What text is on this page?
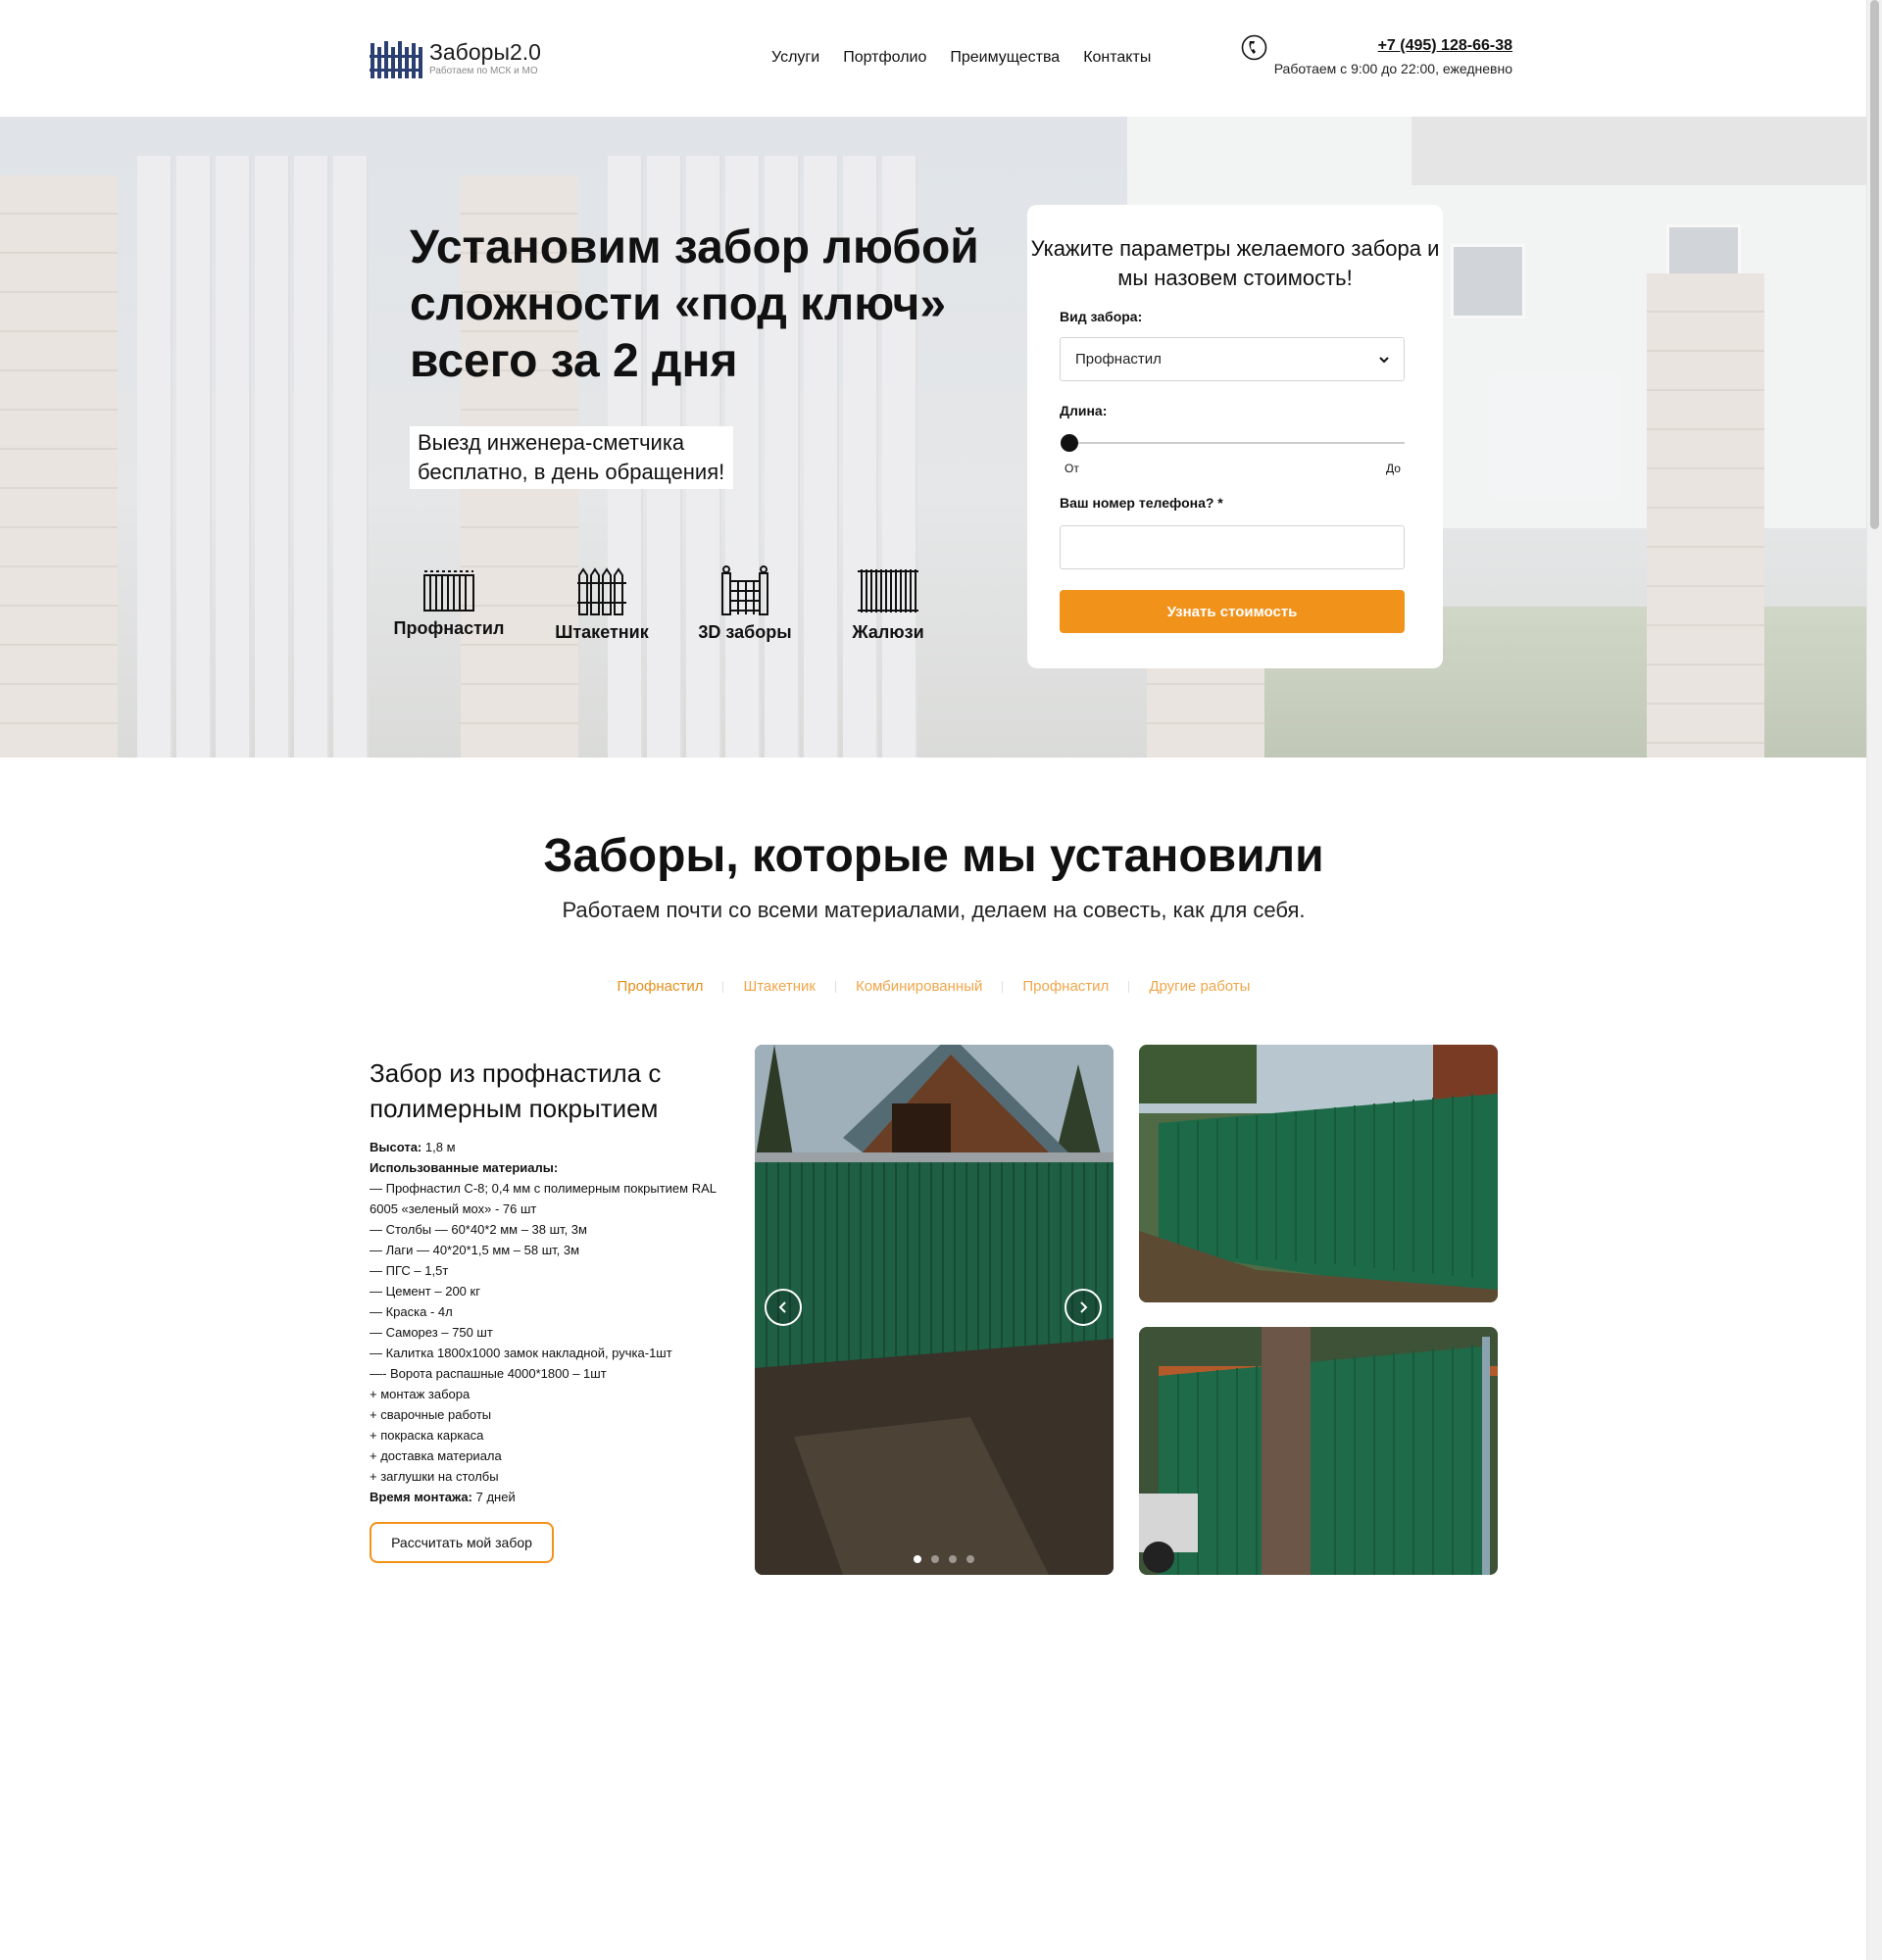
Заборы2.0
Работаем по МСК и МО
Услуги Портфолио Преимущества Контакты
+7 (495) 128-66-38
Работаем с 9:00 до 22:00, ежедневно
Установим забор любой сложности «под ключ» всего за 2 дня
Выезд инженера-сметчика бесплатно, в день обращения!
Профнастил	Штакетник	3D заборы	Жалюзи
Укажите параметры желаемого забора и мы назовем стоимость!
Вид забора:
Профнастил
Длина:
От	До
Ваш номер телефона? *
Узнать стоимость
Заборы, которые мы установили
Работаем почти со всеми материалами, делаем на совесть, как для себя.
Профнастил	Штакетник	Комбинированный	Профнастил	Другие работы
Забор из профнастила с полимерным покрытием
Высота: 1,8 м
Использованные материалы:
— Профнастил С-8; 0,4 мм с полимерным покрытием RAL 6005 «зеленый мох» - 76 шт
— Столбы — 60*40*2 мм – 38 шт, 3м
— Лаги — 40*20*1,5 мм – 58 шт, 3м
— ПГС – 1,5т
— Цемент – 200 кг
— Краска - 4л
— Саморез – 750 шт
— Калитка 1800х1000 замок накладной, ручка-1шт
—- Ворота распашные 4000*1800 – 1шт
+ монтаж забора
+ сварочные работы
+ покраска каркаса
+ доставка материала
+ заглушки на столбы
Время монтажа: 7 дней
Рассчитать мой забор
